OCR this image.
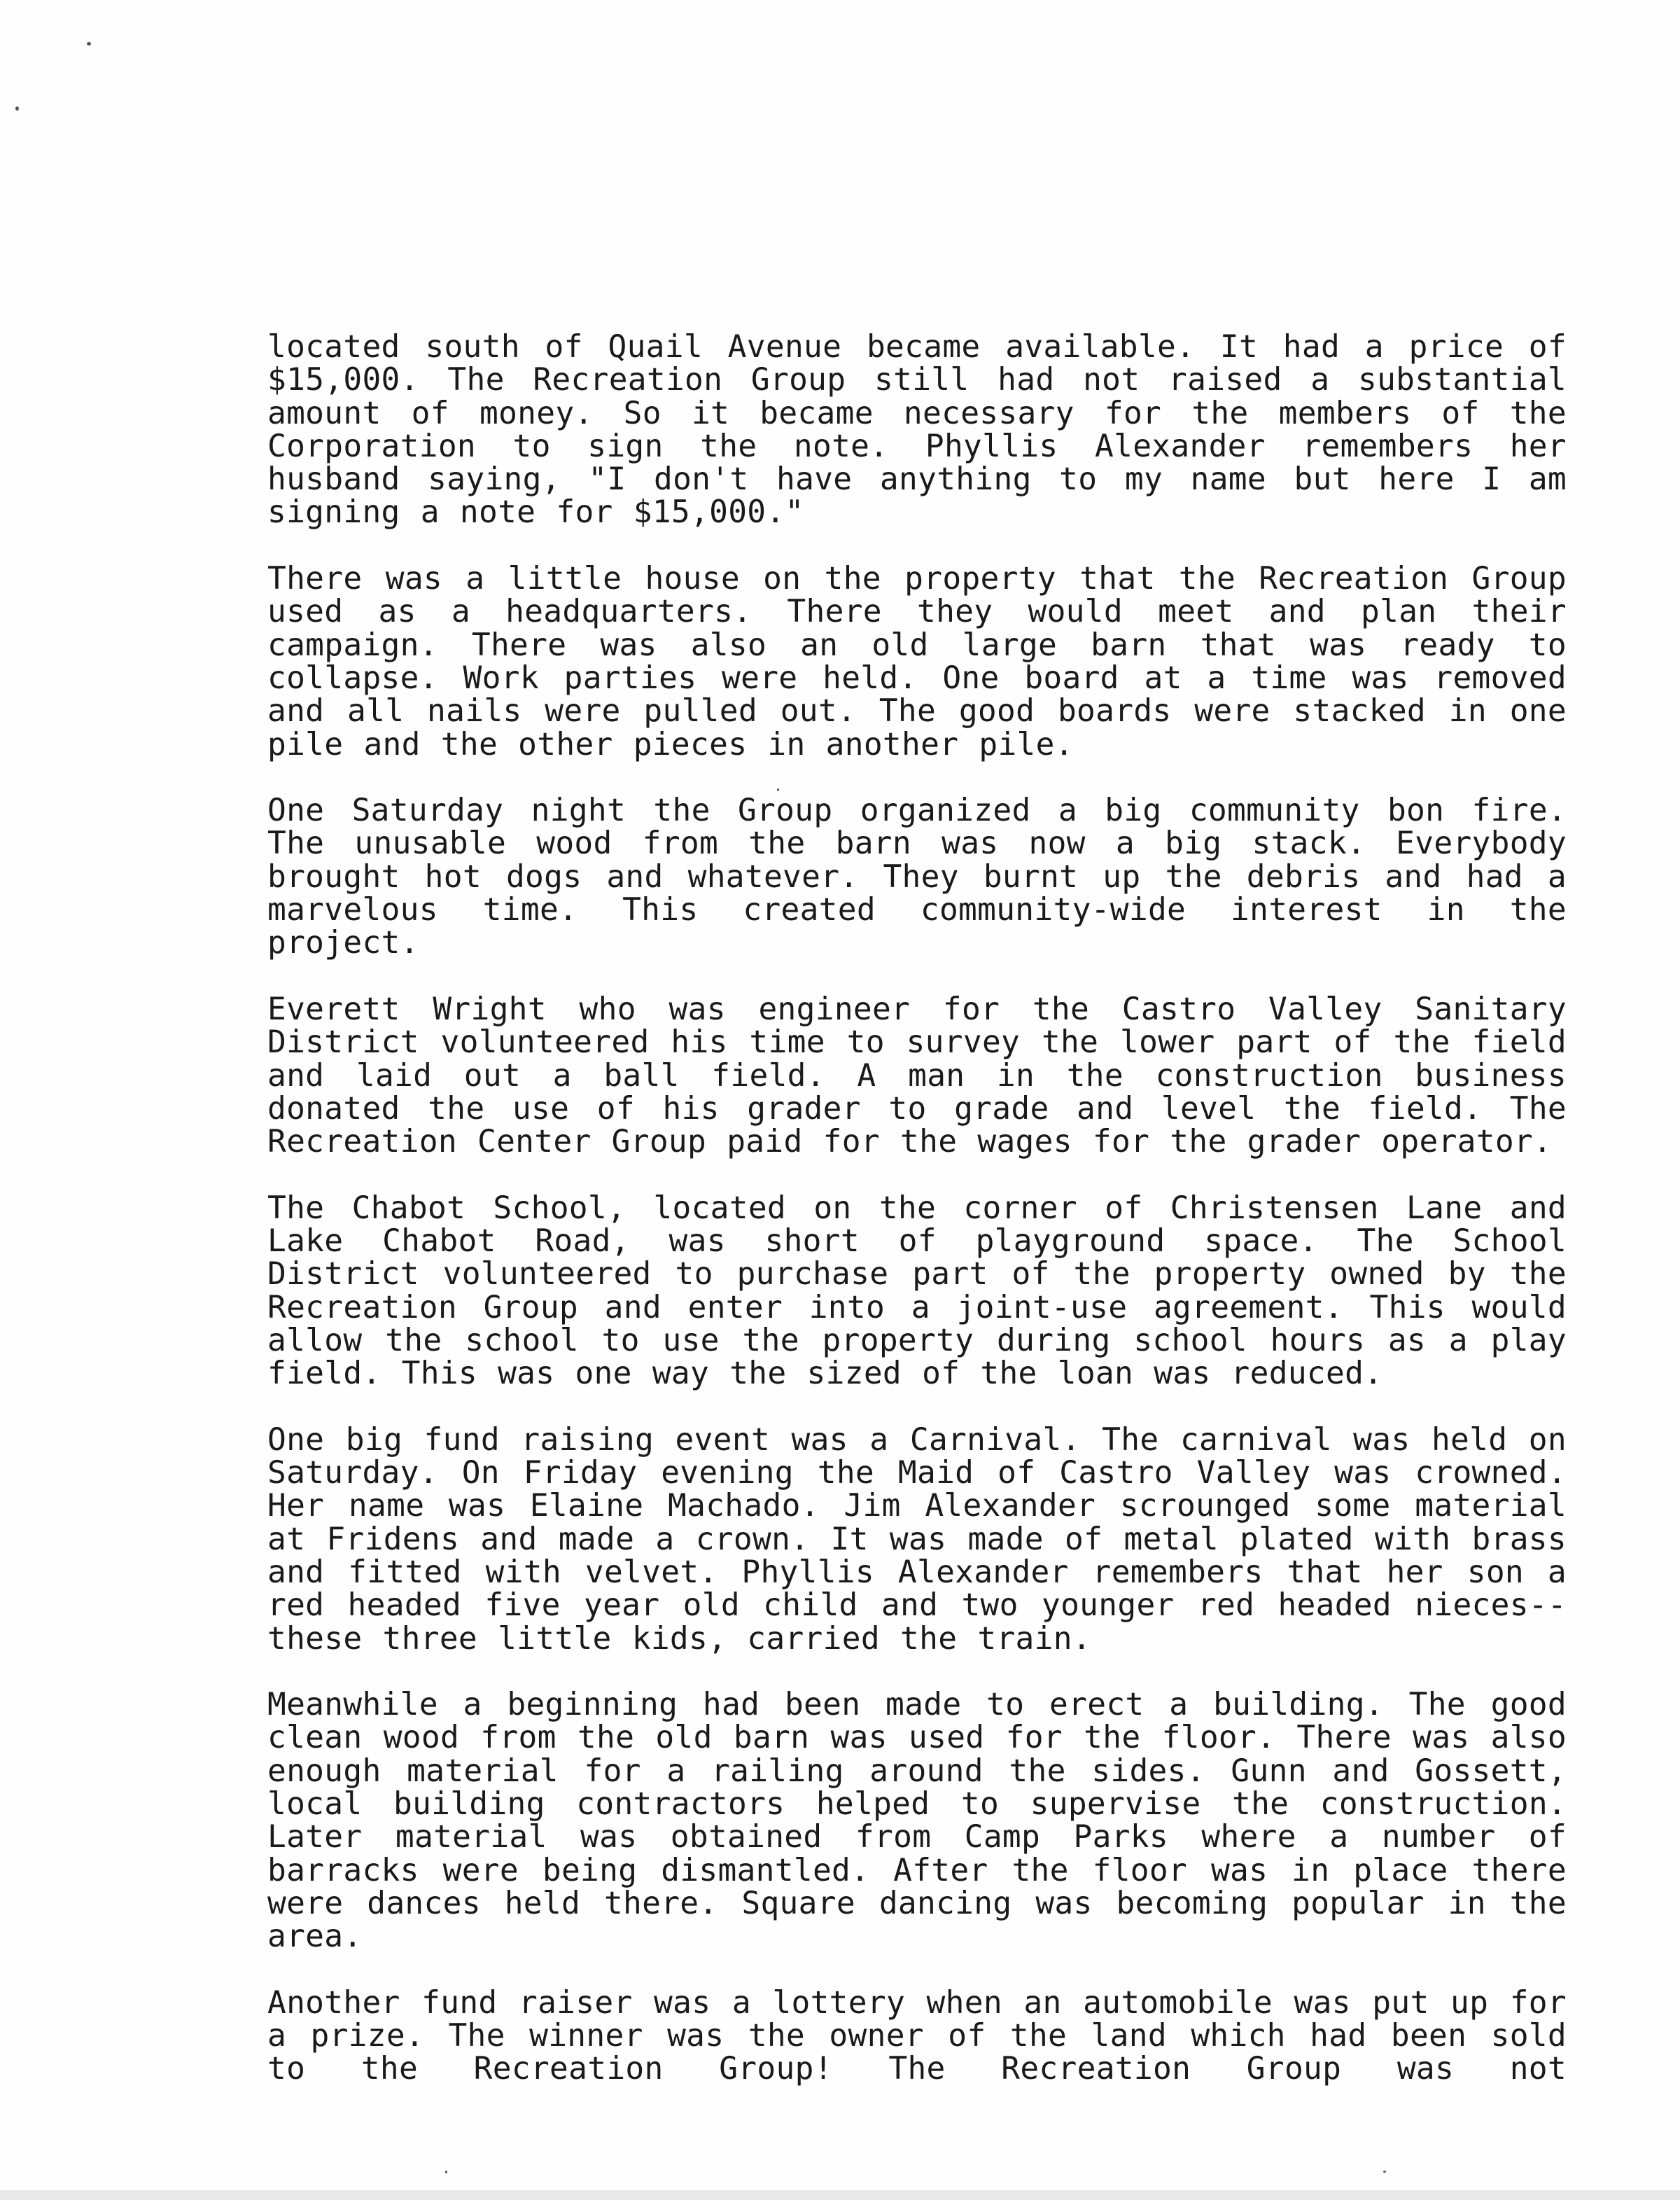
located south of Quail Avenue became available. It had a price of $15,000. The Recreation Group still had not raised a substantial amount of money. So it became necessary for the members of the Corporation to sign the note. Phyllis Alexander remembers her husband saying, "I don't have anything to my name but here I am signing a note for $15,000."

There was a little house on the property that the Recreation Group used as a headquarters. There they would meet and plan their campaign. There was also an old large barn that was ready to collapse. Work parties were held. One board at a time was removed and all nails were pulled out. The good boards were stacked in one pile and the other pieces in another pile.

One Saturday night the Group organized a big community bon fire. The unusable wood from the barn was now a big stack. Everybody brought hot dogs and whatever. They burnt up the debris and had a marvelous time. This created community-wide interest in the project.

Everett Wright who was engineer for the Castro Valley Sanitary District volunteered his time to survey the lower part of the field and laid out a ball field. A man in the construction business donated the use of his grader to grade and level the field. The Recreation Center Group paid for the wages for the grader operator.

The Chabot School, located on the corner of Christensen Lane and Lake Chabot Road, was short of playground space. The School District volunteered to purchase part of the property owned by the Recreation Group and enter into a joint-use agreement. This would allow the school to use the property during school hours as a play field. This was one way the sized of the loan was reduced.

One big fund raising event was a Carnival. The carnival was held on Saturday. On Friday evening the Maid of Castro Valley was crowned. Her name was Elaine Machado. Jim Alexander scrounged some material at Fridens and made a crown. It was made of metal plated with brass and fitted with velvet. Phyllis Alexander remembers that her son a red headed five year old child and two younger red headed nieces--these three little kids, carried the train.

Meanwhile a beginning had been made to erect a building. The good clean wood from the old barn was used for the floor. There was also enough material for a railing around the sides. Gunn and Gossett, local building contractors helped to supervise the construction. Later material was obtained from Camp Parks where a number of barracks were being dismantled. After the floor was in place there were dances held there. Square dancing was becoming popular in the area.

Another fund raiser was a lottery when an automobile was put up for a prize. The winner was the owner of the land which had been sold to the Recreation Group! The Recreation Group was not
